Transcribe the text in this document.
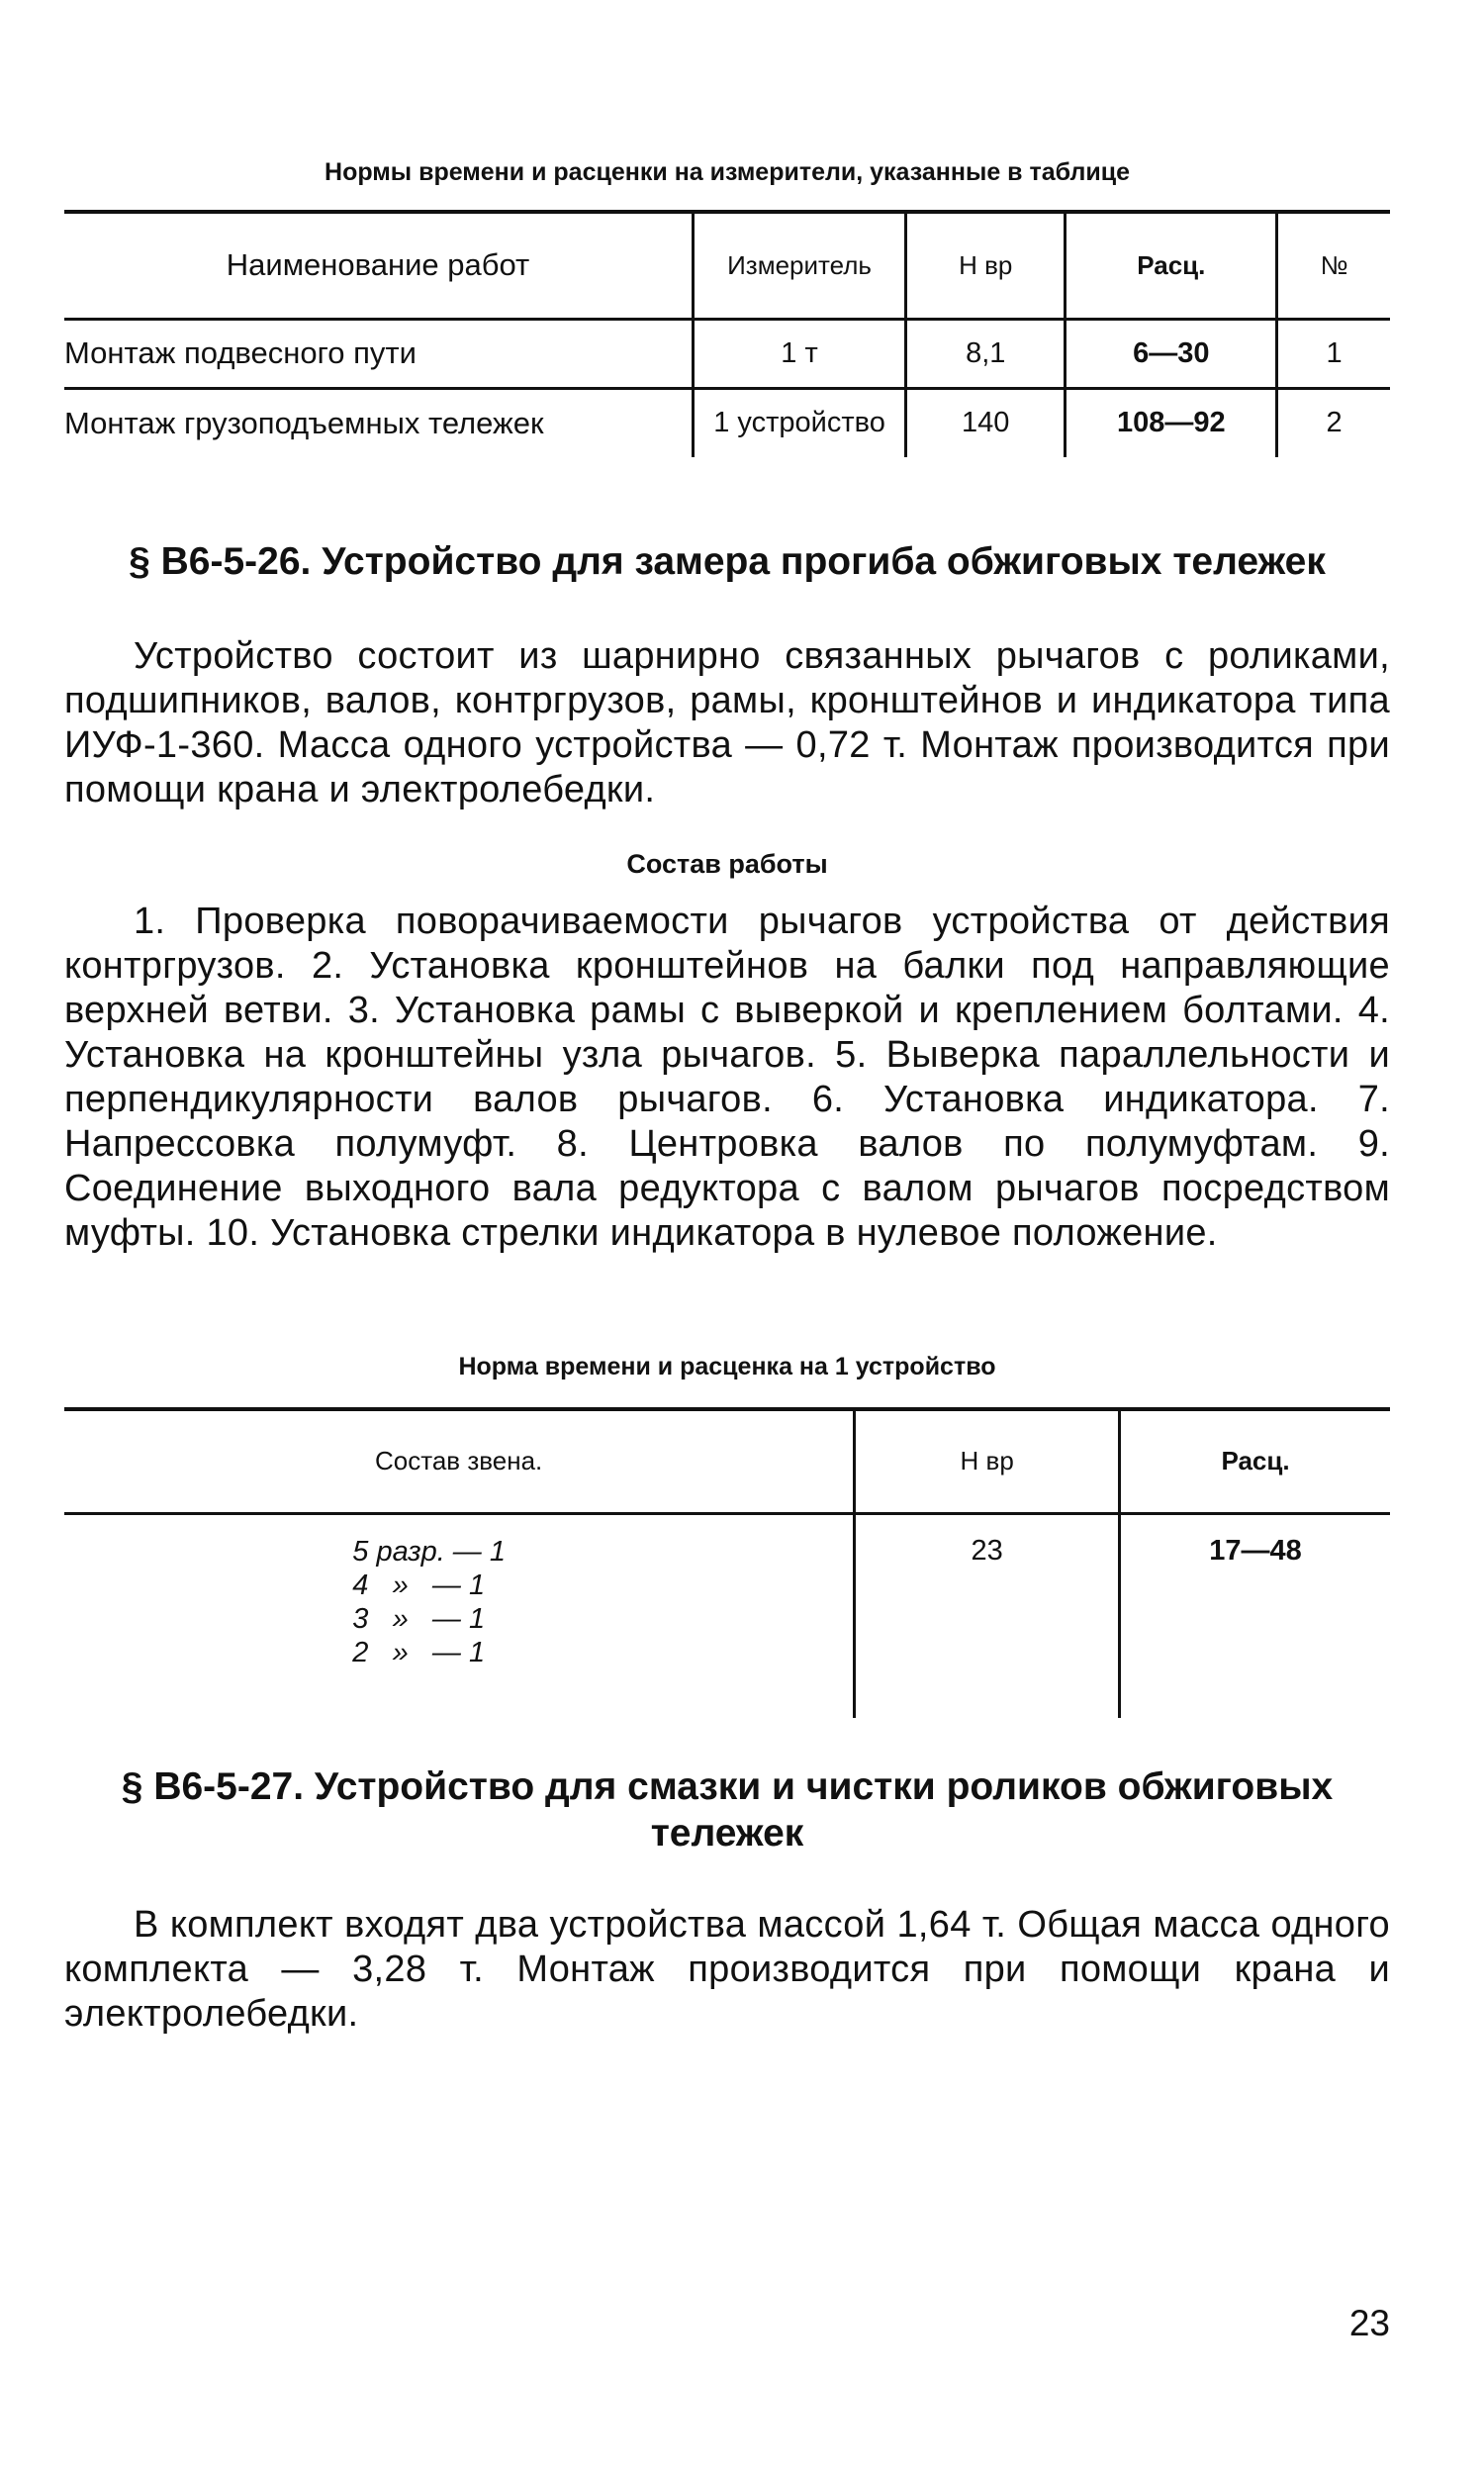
Нормы времени и расценки на измерители, указанные в таблице

Наименование работ	Измеритель	Н вр	Расц.	№
Монтаж подвесного пути	1 т	8,1	6—30	1
Монтаж грузоподъемных тележек	1 устройство	140	108—92	2
§ В6-5-26. Устройство для замера прогиба обжиговых тележек

Устройство состоит из шарнирно связанных рычагов с роликами, подшипников, валов, контргрузов, рамы, кронштейнов и индикатора типа ИУФ-1-360. Масса одного устройства — 0,72 т. Монтаж производится при помощи крана и электролебедки.

Состав работы

1. Проверка поворачиваемости рычагов устройства от действия контргрузов. 2. Установка кронштейнов на балки под направляющие верхней ветви. 3. Установка рамы с выверкой и креплением болтами. 4. Установка на кронштейны узла рычагов. 5. Выверка параллельности и перпендикулярности валов рычагов. 6. Установка индикатора. 7. Напрессовка полумуфт. 8. Центровка валов по полумуфтам. 9. Соединение выходного вала редуктора с валом рычагов посредством муфты. 10. Установка стрелки индикатора в нулевое положение.

Норма времени и расценка на 1 устройство

Состав звена.	Н вр	Расц.

5 разр. — 1
4   »   — 1
3   »   — 1
2   »   — 1	23	17—48
§ В6-5-27. Устройство для смазки и чистки роликов обжиговых тележек

В комплект входят два устройства массой 1,64 т. Общая масса одного комплекта — 3,28 т. Монтаж производится при помощи крана и электролебедки.

23
